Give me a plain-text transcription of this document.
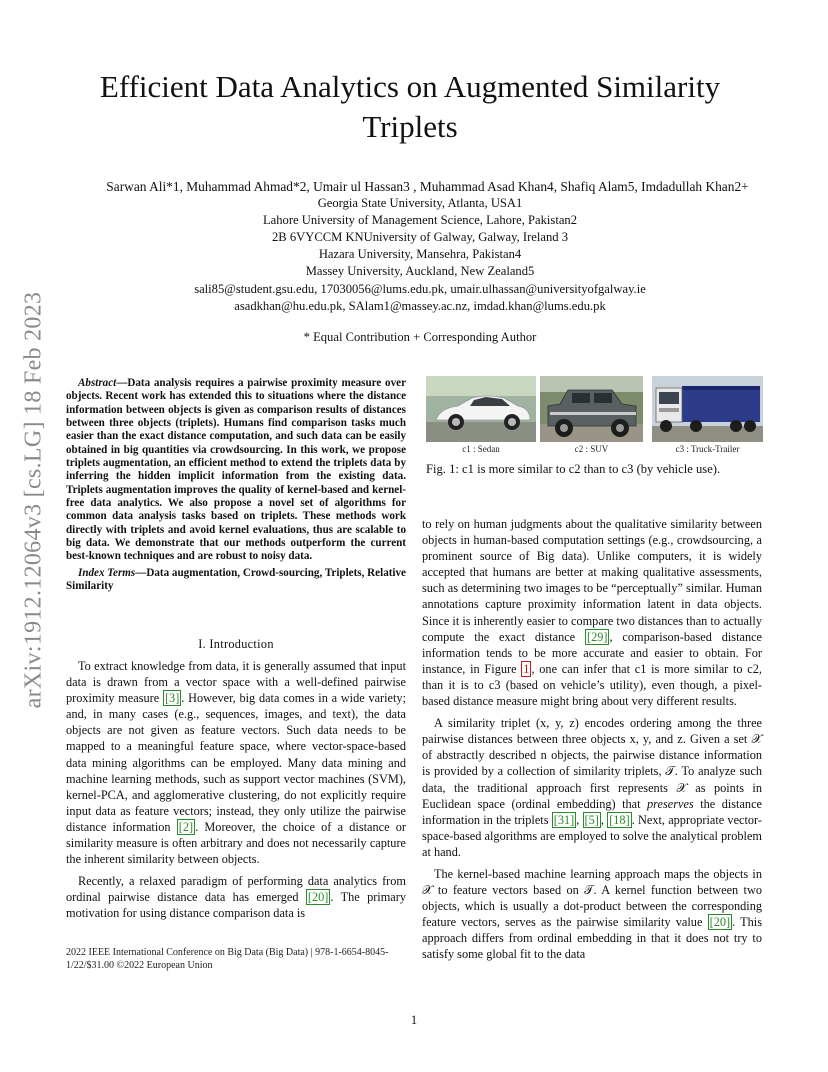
arXiv:1912.12064v3 [cs.LG] 18 Feb 2023
Efficient Data Analytics on Augmented Similarity
Triplets
Sarwan Ali*1, Muhammad Ahmad*2, Umair ul Hassan3 , Muhammad Asad Khan4, Shafiq Alam5, Imdadullah Khan2+
Georgia State University, Atlanta, USA1
Lahore University of Management Science, Lahore, Pakistan2
2B 6VYCCM KNUniversity of Galway, Galway, Ireland 3
Hazara University, Mansehra, Pakistan4
Massey University, Auckland, New Zealand5
sali85@student.gsu.edu, 17030056@lums.edu.pk, umair.ulhassan@universityofgalway.ie
asadkhan@hu.edu.pk, SAlam1@massey.ac.nz, imdad.khan@lums.edu.pk
* Equal Contribution + Corresponding Author

Abstract—Data analysis requires a pairwise proximity measure over objects. Recent work has extended this to situations where the distance information between objects is given as comparison results of distances between three objects (triplets). Humans find comparison tasks much easier than the exact distance computation, and such data can be easily obtained in big quantities via crowdsourcing. In this work, we propose triplets augmentation, an efficient method to extend the triplets data by inferring the hidden implicit information from the existing data. Triplets augmentation improves the quality of kernel-based and kernel-free data analytics. We also propose a novel set of algorithms for common data analysis tasks based on triplets. These methods work directly with triplets and avoid kernel evaluations, thus are scalable to big data. We demonstrate that our methods outperform the current best-known techniques and are robust to noisy data.

Index Terms—Data augmentation, Crowd-sourcing, Triplets, Relative Similarity

I. Introduction

To extract knowledge from data, it is generally assumed that input data is drawn from a vector space with a well-defined pairwise proximity measure [3] . However, big data comes in a wide variety; and, in many cases (e.g., sequences, images, and text), the data objects are not given as feature vectors. Such data needs to be mapped to a meaningful feature space, where vector-space-based data mining algorithms can be employed. Many data mining and machine learning methods, such as support vector machines (SVM), kernel-PCA, and agglomerative clustering, do not explicitly require input data as feature vectors; instead, they only utilize the pairwise distance information [2] . Moreover, the choice of a distance or similarity measure is often arbitrary and does not necessarily capture the inherent similarity between objects.

Recently, a relaxed paradigm of performing data analytics from ordinal pairwise distance data has emerged [20] . The primary motivation for using distance comparison data is

2022 IEEE International Conference on Big Data (Big Data) | 978-1-6654-8045-1/22/$31.00 ©2022 European Union
c1 : Sedan	c2 : SUV	c3 : Truck-Trailer
Fig. 1: c1 is more similar to c2 than to c3 (by vehicle use).

to rely on human judgments about the qualitative similarity between objects in human-based computation settings (e.g., crowdsourcing, a prominent source of Big data). Unlike computers, it is widely accepted that humans are better at making qualitative assessments, such as determining two images to be “perceptually” similar. Human annotations capture proximity information latent in data objects. Since it is inherently easier to compare two distances than to actually compute the exact distance [29] , comparison-based distance information tends to be more accurate and easier to obtain. For instance, in Figure 1 , one can infer that c1 is more similar to c2, than it is to c3 (based on vehicle’s utility), even though, a pixel-based distance measure might bring about very different results.

A similarity triplet (x, y, z) encodes ordering among the three pairwise distances between three objects x, y, and z. Given a set 𝒳 of abstractly described n objects, the pairwise distance information is provided by a collection of similarity triplets, 𝒯. To analyze such data, the traditional approach first represents 𝒳 as points in Euclidean space (ordinal embedding) that preserves the distance information in the triplets [31] , [5] , [18] . Next, appropriate vector-space-based algorithms are employed to solve the analytical problem at hand.

The kernel-based machine learning approach maps the objects in 𝒳 to feature vectors based on 𝒯. A kernel function between two objects, which is usually a dot-product between the corresponding feature vectors, serves as the pairwise similarity value [20] . This approach differs from ordinal embedding in that it does not try to satisfy some global fit to the data

1
